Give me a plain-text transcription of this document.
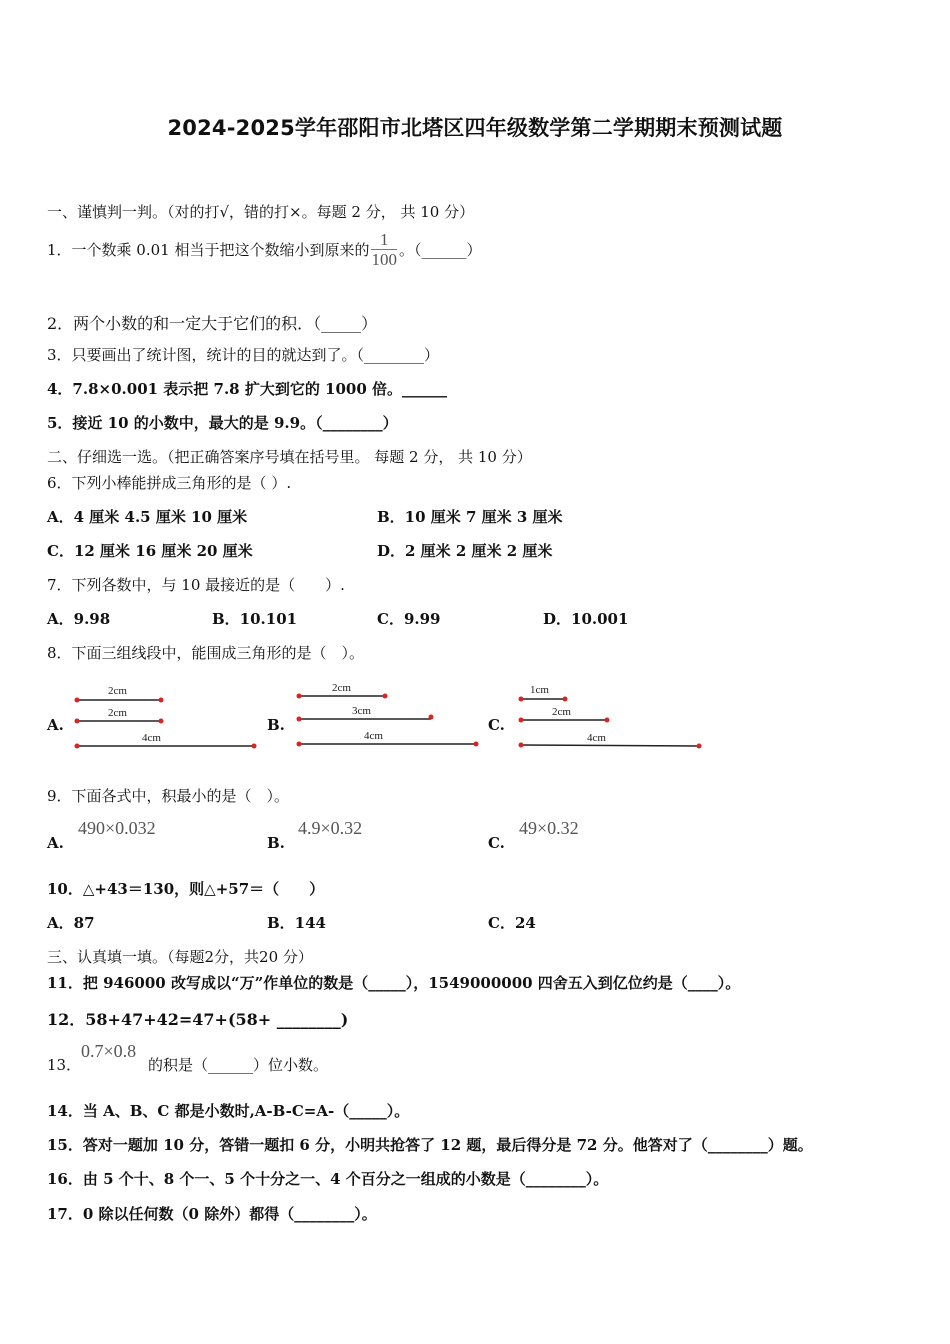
2024-2025学年邵阳市北塔区四年级数学第二学期期末预测试题
一、谨慎判一判。（对的打√，错的打×。每题 2 分， 共 10 分）
1．一个数乘 0.01 相当于把这个数缩小到原来的 $\frac{1}{100}$ 。（______）
2．两个小数的和一定大于它们的积．（_____）
3．只要画出了统计图，统计的目的就达到了。（________）
4．7.8×0.001 表示把 7.8 扩大到它的 1000 倍。______
5．接近 10 的小数中，最大的是 9.9。（________）
二、仔细选一选。（把正确答案序号填在括号里。 每题 2 分， 共 10 分）
6．下列小棒能拼成三角形的是（ ）.
A．4 厘米 4.5 厘米 10 厘米	B．10 厘米 7 厘米 3 厘米
C．12 厘米 16 厘米 20 厘米	D．2 厘米 2 厘米 2 厘米
7．下列各数中，与 10 最接近的是（　　）.
A．9.98	B．10.101	C．9.99	D．10.001
8．下面三组线段中，能围成三角形的是（　）。
A.	B.	C.
2cm
2cm
4cm
2cm
3cm
4cm
1cm
2cm
4cm
9．下面各式中，积最小的是（　）。
A.
490×0.032
B.
4.9×0.32
C.
49×0.32
10．△+43＝130，则△+57＝（　　）
A．87	B．144	C．24
三、认真填一填。（每题2分，共20 分）
11．把 946000 改写成以“万”作单位的数是（_____），1549000000 四舍五入到亿位约是（____）。
12．58+47+42=47+(58+ ________)
13．
0.7×0.8
的积是（______）位小数。
14．当 A、B、C 都是小数时,A-B-C=A-（_____）。
15．答对一题加 10 分，答错一题扣 6 分，小明共抢答了 12 题，最后得分是 72 分。他答对了（________）题。
16．由 5 个十、8 个一、5 个十分之一、4 个百分之一组成的小数是（________）。
17．0 除以任何数（0 除外）都得（________）。
